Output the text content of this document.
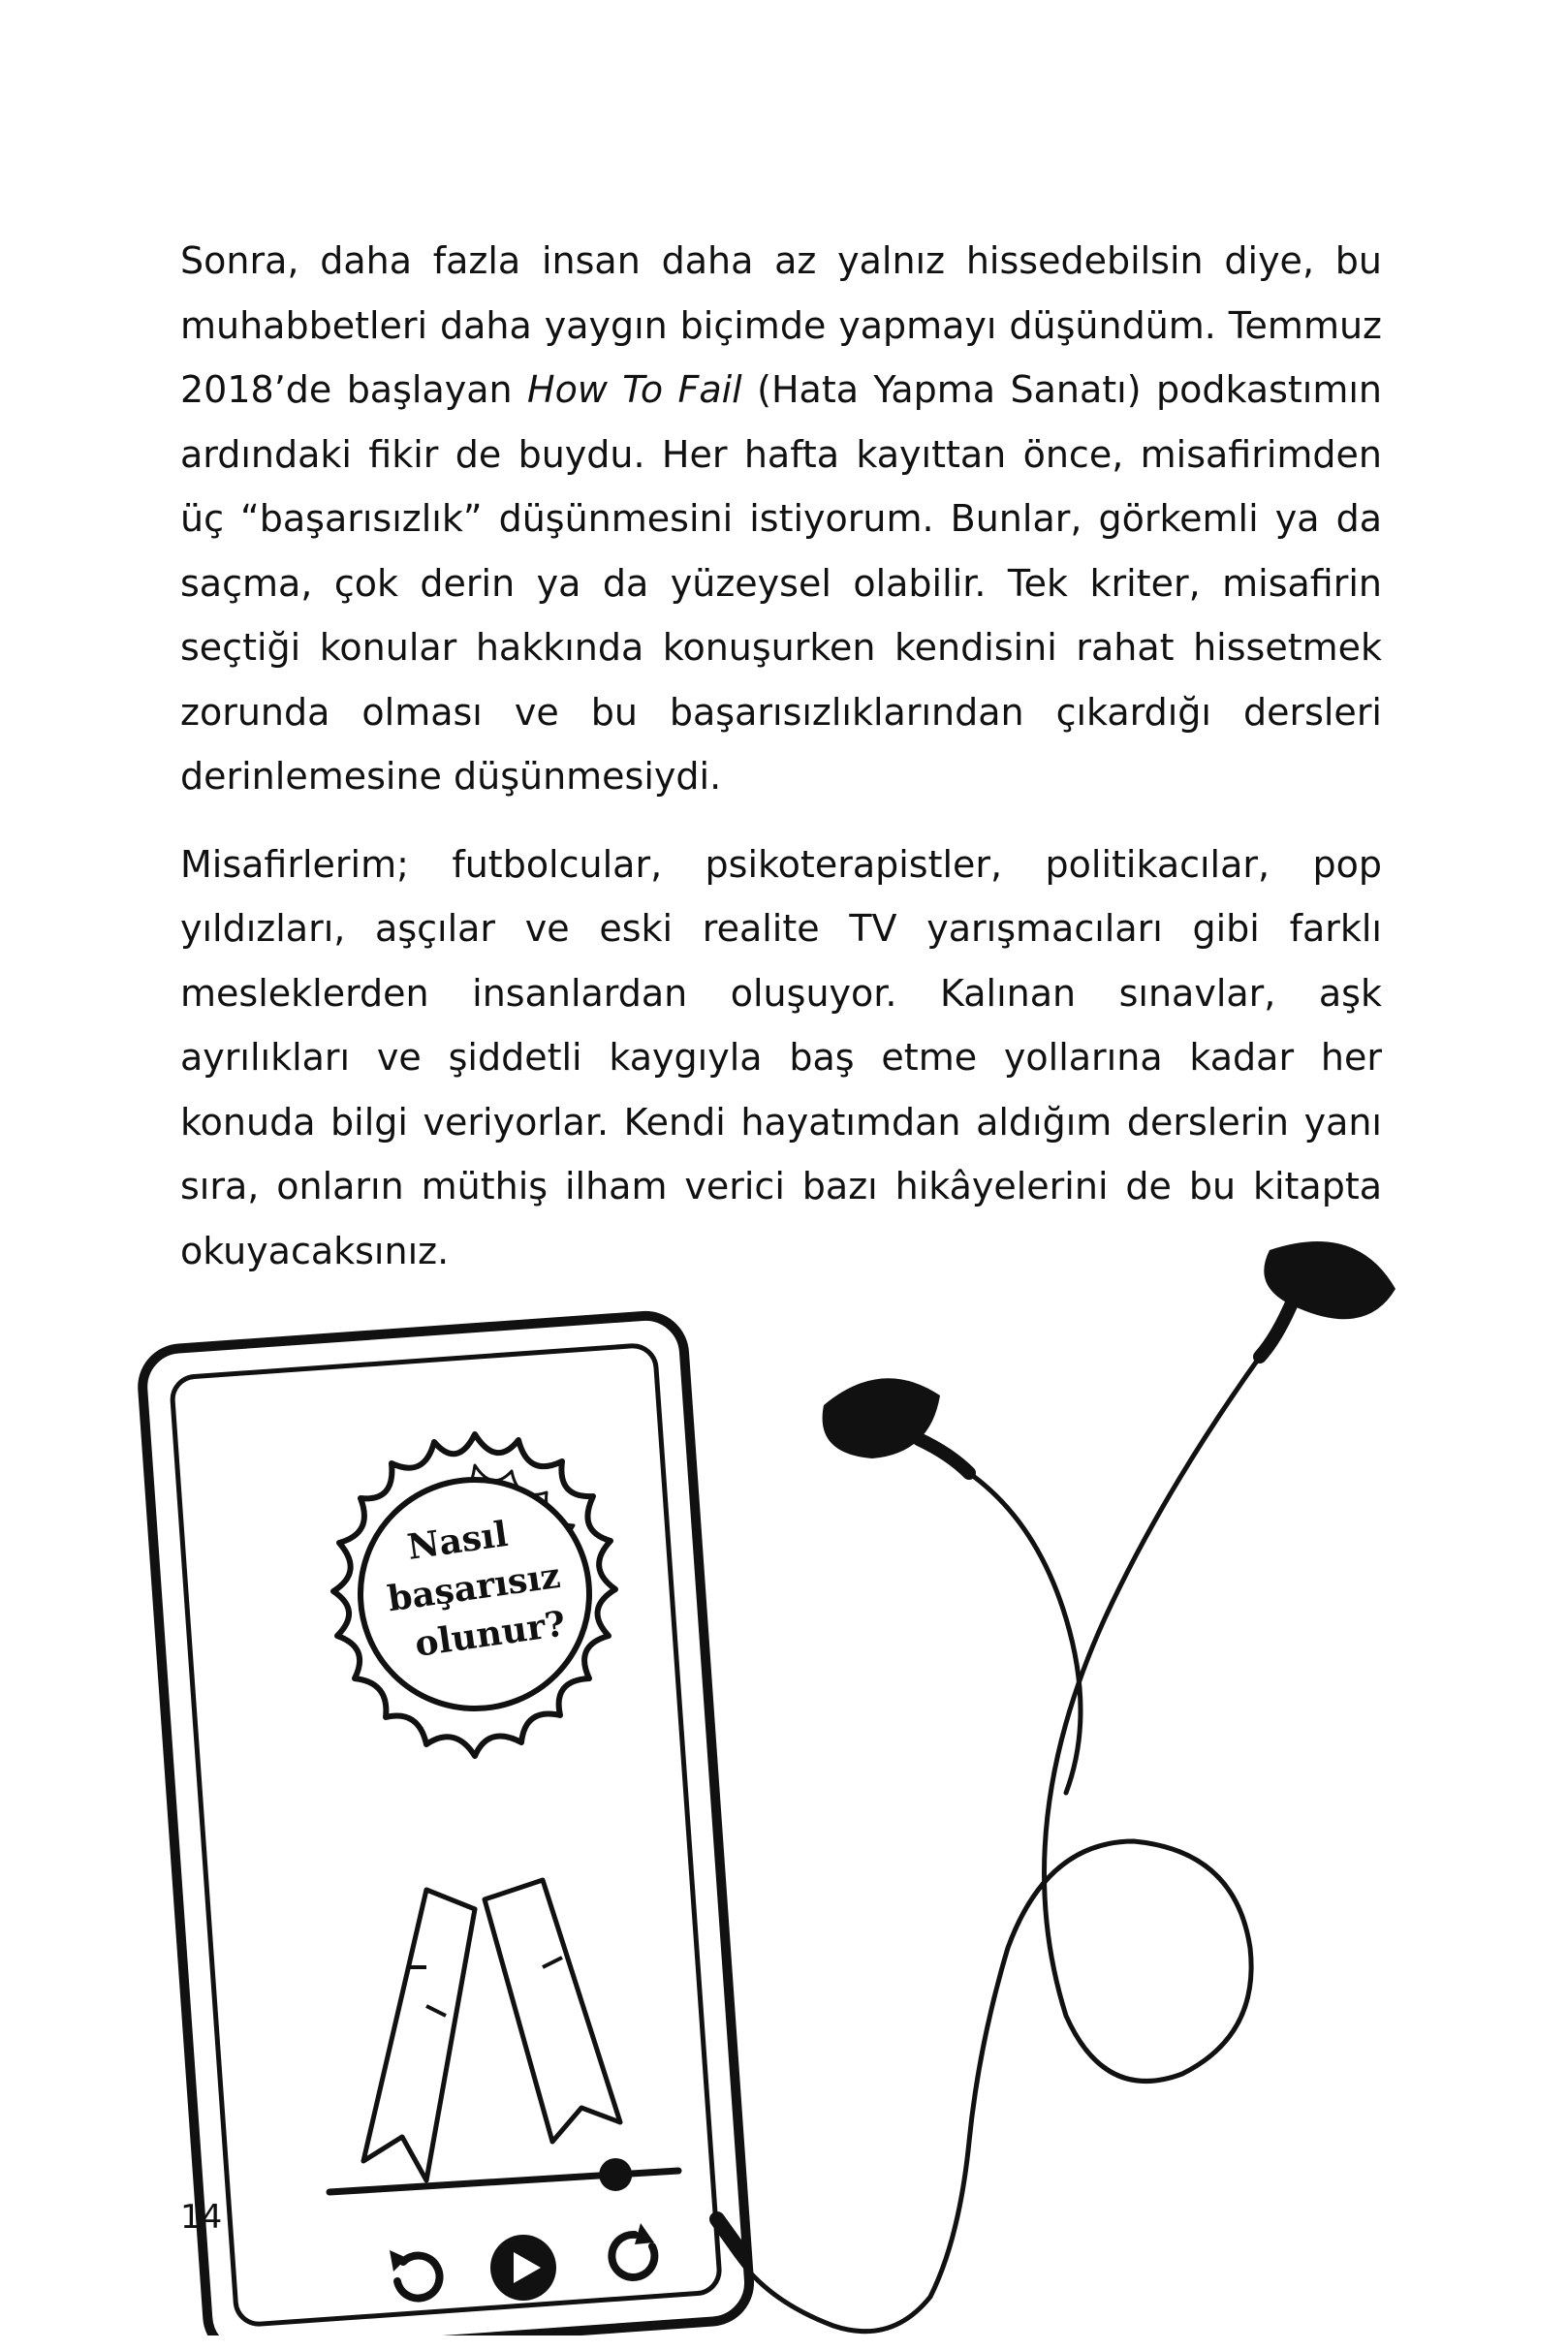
Sonra, daha fazla insan daha az yalnız hissedebilsin diye, bu muhabbetleri daha yaygın biçimde yapmayı düşündüm. Temmuz 2018’de başlayan How To Fail (Hata Yapma Sanatı) podkastımın ardındaki fikir de buydu. Her hafta kayıttan önce, misafirimden üç “başarısızlık” düşünmesini istiyorum. Bunlar, görkemli ya da saçma, çok derin ya da yüzeysel olabilir. Tek kriter, misafirin seçtiği konular hakkında konuşurken kendisini rahat hissetmek zorunda olması ve bu başarısızlıklarından çıkardığı dersleri derinlemesine düşünmesiydi.

Misafirlerim; futbolcular, psikoterapistler, politikacılar, pop yıldızları, aşçılar ve eski realite TV yarışmacıları gibi farklı mesleklerden insanlardan oluşuyor. Kalınan sınavlar, aşk ayrılıkları ve şiddetli kaygıyla baş etme yollarına kadar her konuda bilgi veriyorlar. Kendi hayatımdan aldığım derslerin yanı sıra, onların müthiş ilham verici bazı hikâyelerini de bu kitapta okuyacaksınız.

Nasıl
başarısız
olunur?
14
